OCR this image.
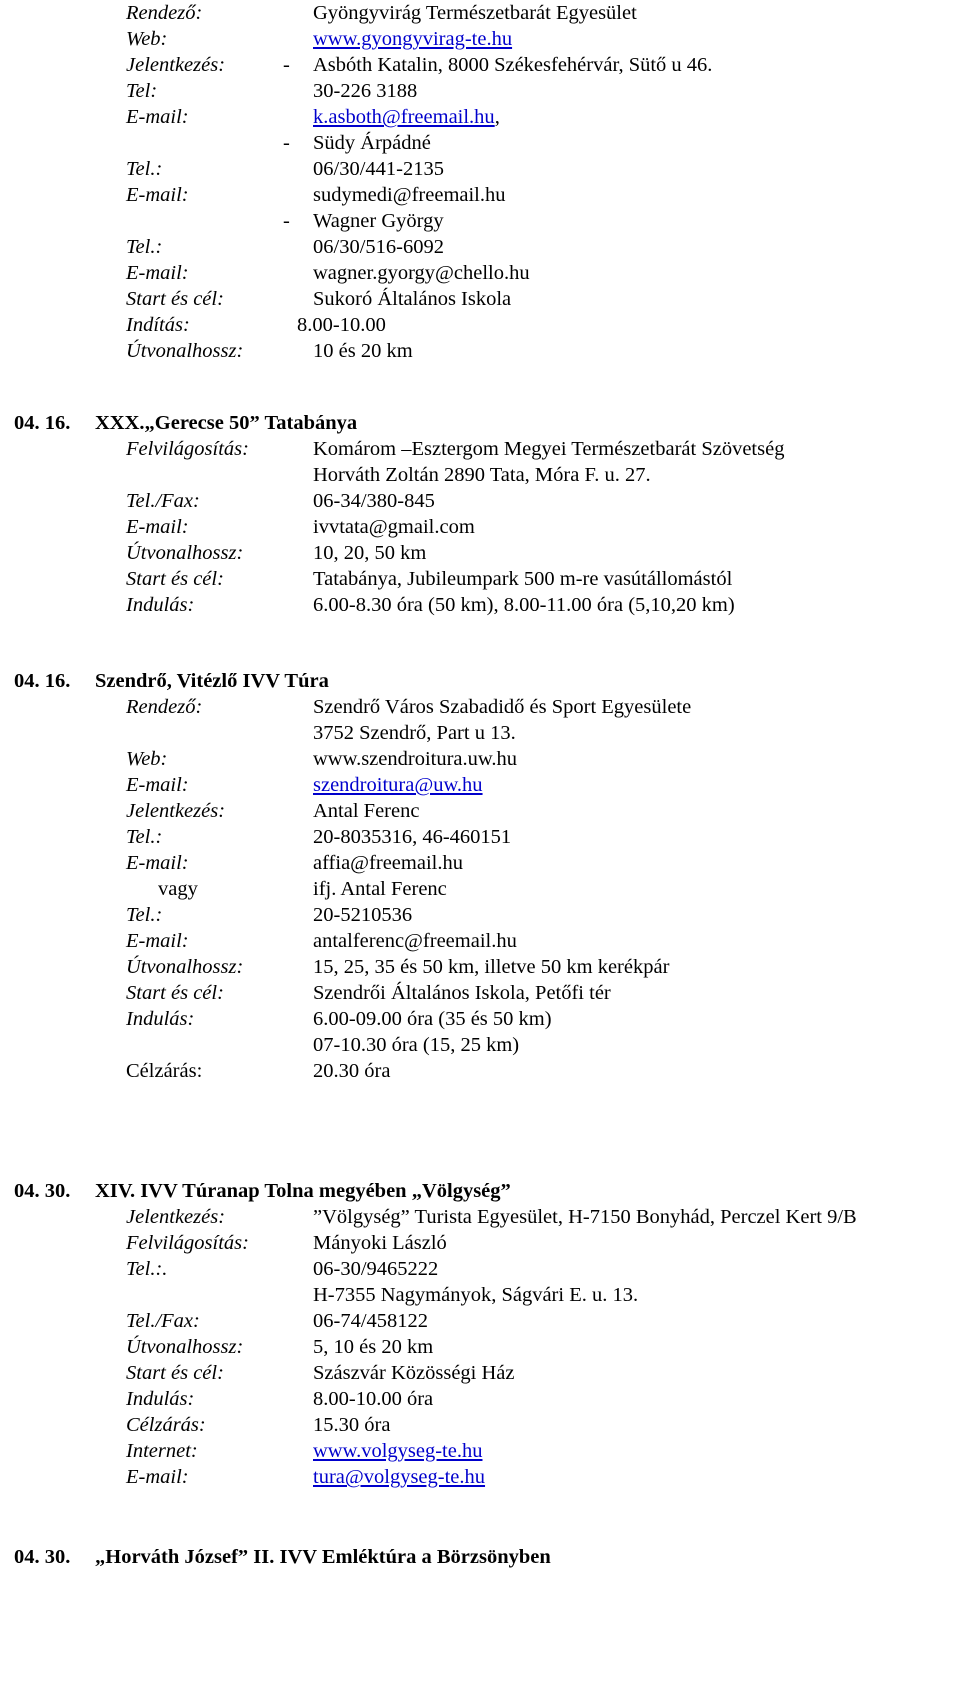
Rendező:	Gyöngyvirág Természetbarát Egyesület
Web:	www.gyongyvirag-te.hu
Jelentkezés:	- Asbóth Katalin, 8000 Székesfehérvár, Sütő u 46.
Tel:	30-226 3188
E-mail:	k.asboth@freemail.hu,
- Südy Árpádné
Tel.:	06/30/441-2135
E-mail:	sudymedi@freemail.hu
- Wagner György
Tel.:	06/30/516-6092
E-mail:	wagner.gyorgy@chello.hu
Start és cél:	Sukoró Általános Iskola
Indítás:	8.00-10.00
Útvonalhossz:	10 és 20 km
04. 16. XXX.„Gerecse 50” Tatabánya
Felvilágosítás:	Komárom –Esztergom Megyei Természetbarát Szövetség
Horváth Zoltán 2890 Tata, Móra F. u. 27.
Tel./Fax:	06-34/380-845
E-mail:	ivvtata@gmail.com
Útvonalhossz:	10, 20, 50 km
Start és cél:	Tatabánya, Jubileumpark 500 m-re vasútállomástól
Indulás:	6.00-8.30 óra (50 km), 8.00-11.00 óra (5,10,20 km)
04. 16. Szendrő, Vitézlő IVV Túra
Rendező:	Szendrő Város Szabadidő és Sport Egyesülete
3752 Szendrő, Part u 13.
Web:	www.szendroitura.uw.hu
E-mail:	szendroitura@uw.hu
Jelentkezés:	Antal Ferenc
Tel.:	20-8035316, 46-460151
E-mail:	affia@freemail.hu
vagy	ifj. Antal Ferenc
Tel.:	20-5210536
E-mail:	antalferenc@freemail.hu
Útvonalhossz:	15, 25, 35 és 50 km, illetve 50 km kerékpár
Start és cél:	Szendrői Általános Iskola, Petőfi tér
Indulás:	6.00-09.00 óra (35 és 50 km)
07-10.30 óra (15, 25 km)
Célzárás:	20.30 óra
04. 30. XIV. IVV Túranap Tolna megyében „Völgység”
Jelentkezés:	”Völgység” Turista Egyesület, H-7150 Bonyhád, Perczel Kert 9/B
Felvilágosítás:	Mányoki László
Tel.:.	06-30/9465222
H-7355 Nagymányok, Ságvári E. u. 13.
Tel./Fax:	06-74/458122
Útvonalhossz:	5, 10 és 20 km
Start és cél:	Szászvár Közösségi Ház
Indulás:	8.00-10.00 óra
Célzárás:	15.30 óra
Internet:	www.volgyseg-te.hu
E-mail:	tura@volgyseg-te.hu
04. 30. „Horváth József” II. IVV Emléktúra a Börzsönyben
